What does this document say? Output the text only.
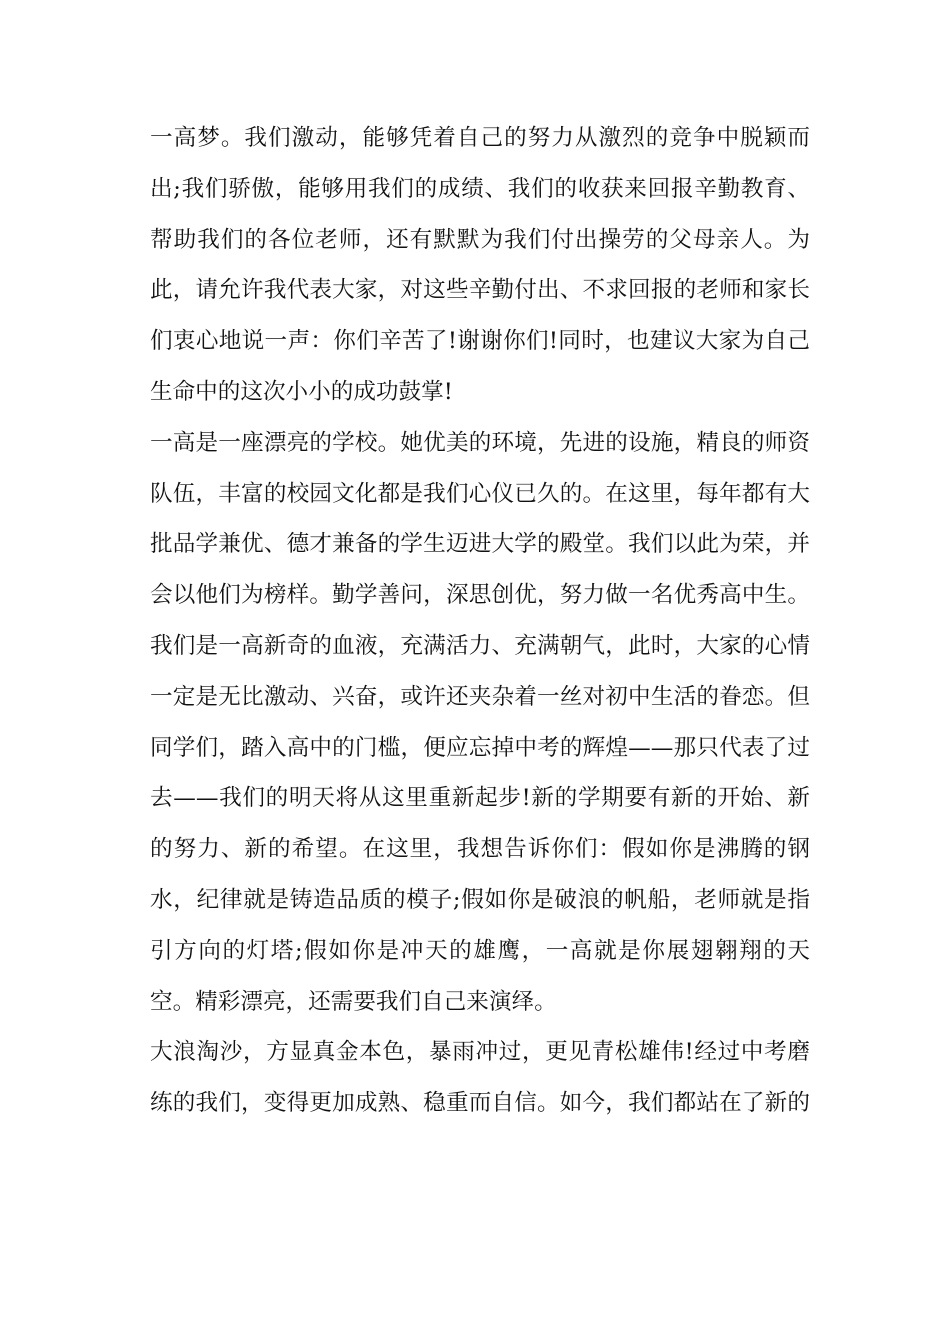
一高梦。我们激动，能够凭着自己的努力从激烈的竞争中脱颖而
出;我们骄傲，能够用我们的成绩、我们的收获来回报辛勤教育、
帮助我们的各位老师，还有默默为我们付出操劳的父母亲人。为
此，请允许我代表大家，对这些辛勤付出、不求回报的老师和家长
们衷心地说一声：你们辛苦了!谢谢你们!同时，也建议大家为自己
生命中的这次小小的成功鼓掌!
一高是一座漂亮的学校。她优美的环境，先进的设施，精良的师资
队伍，丰富的校园文化都是我们心仪已久的。在这里，每年都有大
批品学兼优、德才兼备的学生迈进大学的殿堂。我们以此为荣，并
会以他们为榜样。勤学善问，深思创优，努力做一名优秀高中生。
我们是一高新奇的血液，充满活力、充满朝气，此时，大家的心情
一定是无比激动、兴奋，或许还夹杂着一丝对初中生活的眷恋。但
同学们，踏入高中的门槛，便应忘掉中考的辉煌——那只代表了过
去——我们的明天将从这里重新起步!新的学期要有新的开始、新
的努力、新的希望。在这里，我想告诉你们：假如你是沸腾的钢
水，纪律就是铸造品质的模子;假如你是破浪的帆船，老师就是指
引方向的灯塔;假如你是冲天的雄鹰，一高就是你展翅翱翔的天
空。精彩漂亮，还需要我们自己来演绎。
大浪淘沙，方显真金本色，暴雨冲过，更见青松雄伟!经过中考磨
练的我们，变得更加成熟、稳重而自信。如今，我们都站在了新的
